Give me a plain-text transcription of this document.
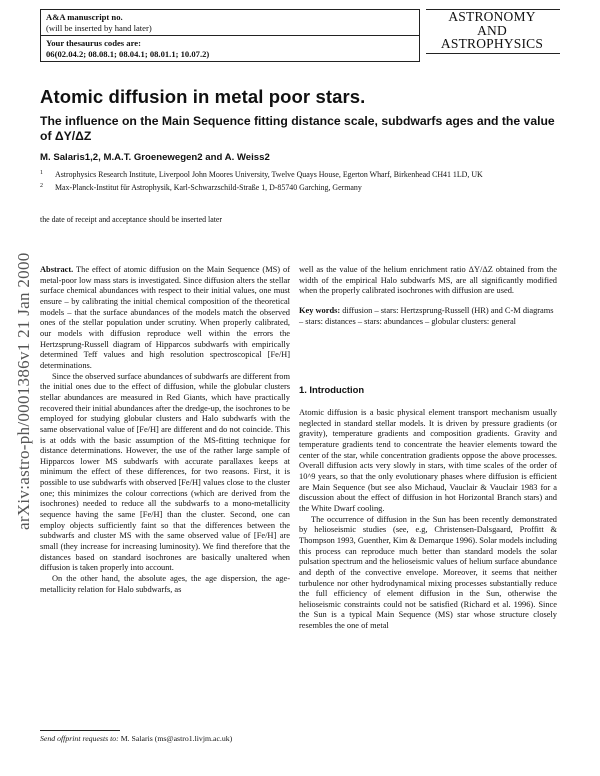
A&A manuscript no.
(will be inserted by hand later)
Your thesaurus codes are:
06(02.04.2; 08.08.1; 08.04.1; 08.01.1; 10.07.2)
ASTRONOMY
AND
ASTROPHYSICS
Atomic diffusion in metal poor stars.
The influence on the Main Sequence fitting distance scale, subdwarfs ages and the value of ΔY/ΔZ
M. Salaris1,2, M.A.T. Groenewegen2 and A. Weiss2
1 Astrophysics Research Institute, Liverpool John Moores University, Twelve Quays House, Egerton Wharf, Birkenhead CH41 1LD, UK
2 Max-Planck-Institut für Astrophysik, Karl-Schwarzschild-Straße 1, D-85740 Garching, Germany
the date of receipt and acceptance should be inserted later
arXiv:astro-ph/0001386v1 21 Jan 2000 Abstract. The effect of atomic diffusion on the Main Sequence (MS) of metal-poor low mass stars is investigated. Since diffusion alters the stellar surface chemical abundances with respect to their initial values, one must ensure – by calibrating the initial chemical composition of the theoretical models – that the surface abundances of the models match the observed ones of the stellar population under scrutiny. When properly calibrated, our models with diffusion reproduce well within the errors the Hertzsprung-Russell diagram of Hipparcos subdwarfs with empirically determined Teff values and high resolution spectroscopical [Fe/H] determinations.

Since the observed surface abundances of subdwarfs are different from the initial ones due to the effect of diffusion, while the globular clusters stellar abundances are measured in Red Giants, which have practically recovered their initial abundances after the dredge-up, the isochrones to be employed for studying globular clusters and Halo subdwarfs with the same observational value of [Fe/H] are different and do not coincide. This is at odds with the basic assumption of the MS-fitting technique for distance determinations. However, the use of the rather large sample of Hipparcos lower MS subdwarfs with accurate parallaxes keeps at minimum the effect of these differences, for two reasons. First, it is possible to use subdwarfs with observed [Fe/H] values close to the cluster one; this minimizes the colour corrections (which are derived from the isochrones) needed to reduce all the subdwarfs to a mono-metallicity sequence having the same [Fe/H] than the cluster. Second, one can employ objects sufficiently faint so that the differences between the subdwarfs and cluster MS with the same observed value of [Fe/H] are small (they increase for increasing luminosity). We find therefore that the distances based on standard isochrones are basically unaltered when diffusion is taken properly into account.

On the other hand, the absolute ages, the age dispersion, the age-metallicity relation for Halo subdwarfs, as

well as the value of the helium enrichment ratio ΔY/ΔZ obtained from the width of the empirical Halo subdwarfs MS, are all significantly modified when the properly calibrated isochrones with diffusion are used.

Key words: diffusion – stars: Hertzsprung-Russell (HR) and C-M diagrams – stars: distances – stars: abundances – globular clusters: general
1. Introduction

Atomic diffusion is a basic physical element transport mechanism usually neglected in standard stellar models. It is driven by pressure gradients (or gravity), temperature gradients and composition gradients. Gravity and temperature gradients tend to concentrate the heavier elements toward the center of the star, while concentration gradients oppose the above processes. Overall diffusion acts very slowly in stars, with time scales of the order of 10^9 years, so that the only evolutionary phases where diffusion is efficient are Main Sequence (but see also Michaud, Vauclair & Vauclair 1983 for a discussion about the effect of diffusion in hot Horizontal Branch stars) and the White Dwarf cooling.

The occurrence of diffusion in the Sun has been recently demonstrated by helioseismic studies (see, e.g, Christensen-Dalsgaard, Proffitt & Thompson 1993, Guenther, Kim & Demarque 1996). Solar models including this process can reproduce much better than standard models the solar pulsation spectrum and the helioseismic values of helium surface abundance and depth of the convective envelope. Moreover, it seems that neither turbulence nor other hydrodynamical mixing processes substantially reduce the full efficiency of element diffusion in the Sun, otherwise the helioseismic constraints could not be satisfied (Richard et al. 1996). Since the Sun is a typical Main Sequence (MS) star whose structure closely resembles the one of metal

Send offprint requests to: M. Salaris (ms@astro1.livjm.ac.uk)
